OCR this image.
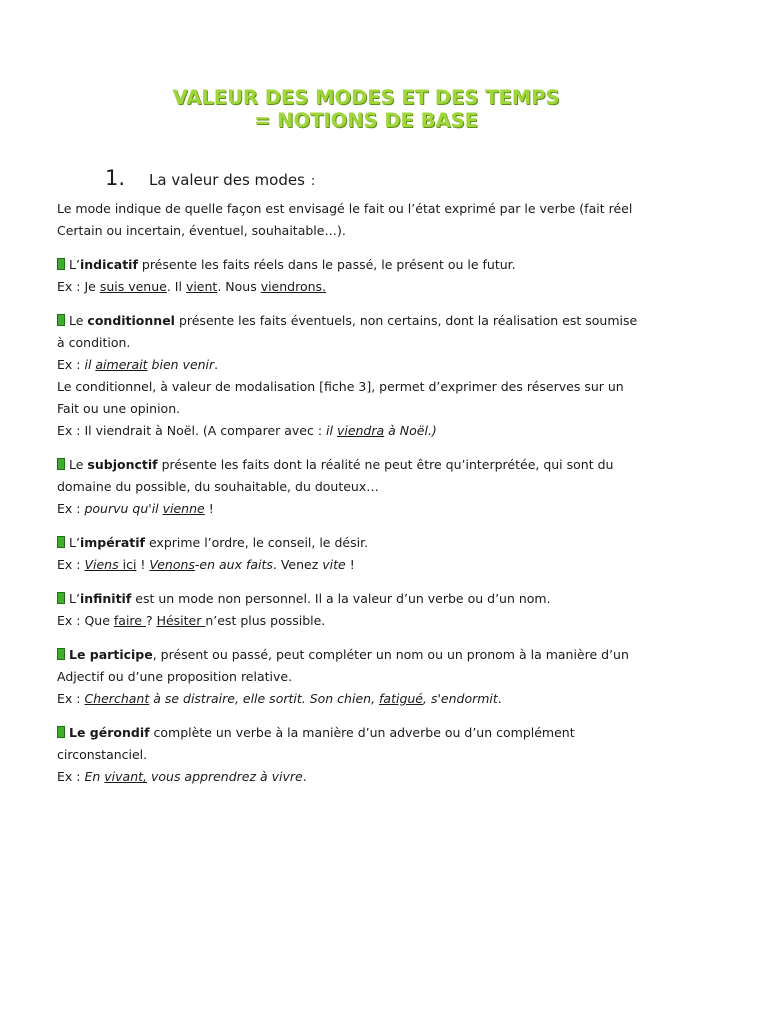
VALEUR DES MODES ET DES TEMPS
= NOTIONS DE BASE
1.	La valeur des modes :
Le mode indique de quelle façon est envisagé le fait ou l’état exprimé par le verbe (fait réel
Certain ou incertain, éventuel, souhaitable…).
L’indicatif présente les faits réels dans le passé, le présent ou le futur.
Ex : Je suis venue. Il vient. Nous viendrons.
Le conditionnel présente les faits éventuels, non certains, dont la réalisation est soumise
à condition.
Ex : il aimerait bien venir.
Le conditionnel, à valeur de modalisation [fiche 3], permet d’exprimer des réserves sur un
Fait ou une opinion.
Ex : Il viendrait à Noël. (A comparer avec : il viendra à Noël.)
Le subjonctif présente les faits dont la réalité ne peut être qu’interprétée, qui sont du
domaine du possible, du souhaitable, du douteux…
Ex : pourvu qu'il vienne !
L’impératif exprime l’ordre, le conseil, le désir.
Ex : Viens ici ! Venons-en aux faits. Venez vite !
L’infinitif est un mode non personnel. Il a la valeur d’un verbe ou d’un nom.
Ex : Que faire ? Hésiter n’est plus possible.
Le participe, présent ou passé, peut compléter un nom ou un pronom à la manière d’un
Adjectif ou d’une proposition relative.
Ex : Cherchant à se distraire, elle sortit. Son chien, fatigué, s'endormit.
Le gérondif complète un verbe à la manière d’un adverbe ou d’un complément
circonstanciel.
Ex : En vivant, vous apprendrez à vivre.
